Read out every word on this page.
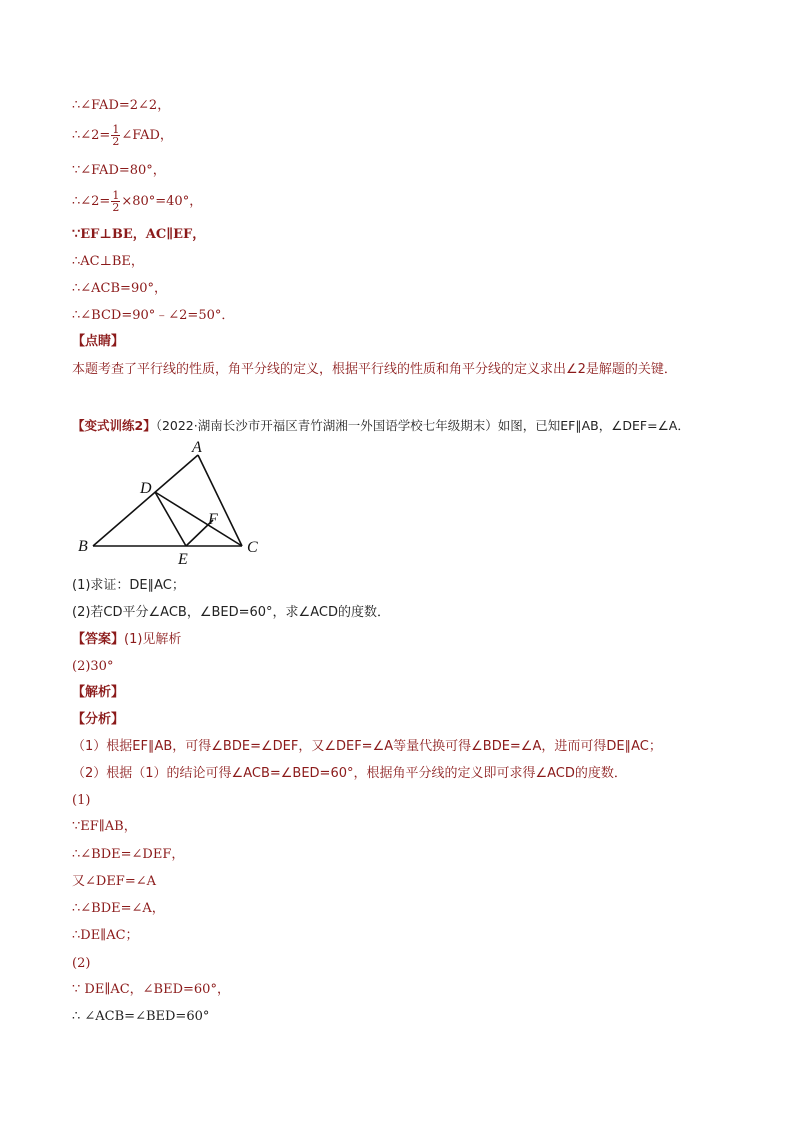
∴∠FAD=2∠2，
∴∠2= $\frac{1}{2}$ ∠FAD，
∵∠FAD=80°，
∴∠2= $\frac{1}{2} \times 80^\circ=40^\circ$，
∵EF⊥BE，AC∥EF，
∴AC⊥BE，
∴∠ACB=90°，
∴∠BCD=90°﹣∠2=50°．
【点睛】
本题考查了平行线的性质，角平分线的定义，根据平行线的性质和角平分线的定义求出∠2是解题的关键．
【变式训练2】（2022·湖南长沙市开福区青竹湖湘一外国语学校七年级期末）如图，已知EF∥AB，∠DEF=∠A．
A
B	C
D
E
F
(1)求证：DE∥AC；
(2)若CD平分∠ACB，∠BED=60°，求∠ACD的度数．
【答案】(1)见解析
(2)30°
【解析】
【分析】
（1）根据EF∥AB，可得∠BDE=∠DEF，又∠DEF=∠A等量代换可得∠BDE=∠A，进而可得DE∥AC；
（2）根据（1）的结论可得∠ACB=∠BED=60°，根据角平分线的定义即可求得∠ACD的度数．
(1)
∵EF∥AB，
∴∠BDE=∠DEF，
又∠DEF=∠A
∴∠BDE=∠A，
∴DE∥AC；
(2)
∵ DE∥AC，∠BED=60°，
∴ ∠ACB=∠BED=60°
